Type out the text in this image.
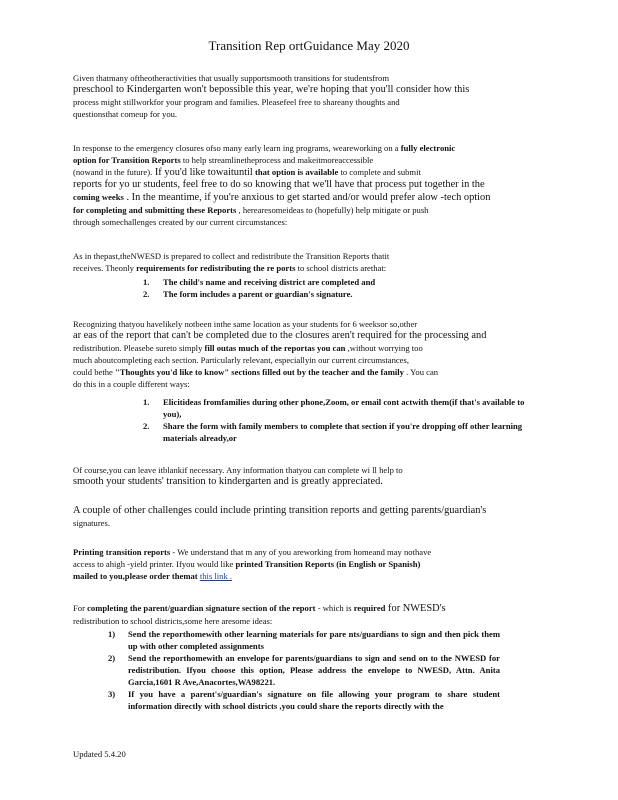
Transition Rep ortGuidance May 2020
Given thatmany oftheotheractivities that usually supportsmooth transitions for studentsfrom
preschool to Kindergarten won't bepossible this year, we're hoping that you'll consider how this
process might stillworkfor your program and families. Pleasefeel free to shareany thoughts and
questionsthat comeup for you.
In response to the emergency closures ofso many early learn ing programs, weareworking on a fully electronic
option for Transition Reports to help streamlinetheprocess and makeitmoreaccessible
(nowand in the future). If you'd like towaituntil that option is available to complete and submit
reports for yo ur students, feel free to do so knowing that we'll have that process put together in the
coming weeks . In the meantime, if you're anxious to get started and/or would prefer alow -tech option
for completing and submitting these Reports , herearesomeideas to (hopefully) help mitigate or push
through somechallenges created by our current circumstances:
As in thepast,theNWESD is prepared to collect and redistribute the Transition Reports thatit
receives. Theonly requirements for redistributing the re ports to school districts arethat:
1. The child's name and receiving district are completed and
2. The form includes a parent or guardian's signature.
Recognizing thatyou havelikely notbeen inthe same location as your students for 6 weeksor so,other
ar eas of the report that can't be completed due to the closures aren't required for the processing and
redistribution. Pleasebe sureto simply fill outas much of the reportas you can ,without worrying too
much aboutcompleting each section. Particularly relevant, especiallyin our current circumstances,
could bethe "Thoughts you'd like to know" sections filled out by the teacher and the family . You can
do this in a couple different ways:
1. Elicitideas fromfamilies during other phone,Zoom, or email cont actwith them(if that's available to you),
2. Share the form with family members to complete that section if you're dropping off other learning materials already,or
Of course,you can leave itblankif necessary. Any information thatyou can complete wi ll help to
smooth your students' transition to kindergarten and is greatly appreciated.
A couple of other challenges could include printing transition reports and getting parents/guardian's
signatures.
Printing transition reports - We understand that m any of you areworking from homeand may nothave
access to ahigh -yield printer. Ifyou would like printed Transition Reports (in English or Spanish)
mailed to you,please order themat this link .
For completing the parent/guardian signature section of the report - which is required for NWESD's
redistribution to school districts,some here aresome ideas:
1) Send the reporthomewith other learning materials for pare nts/guardians to sign and then pick them up with other completed assignments
2) Send the reporthomewith an envelope for parents/guardians to sign and send on to the NWESD for redistribution. Ifyou choose this option, Please address the envelope to NWESD, Attn. Anita Garcia,1601 R Ave,Anacortes,WA98221.
3) If you have a parent's/guardian's signature on file allowing your program to share student information directly with school districts ,you could share the reports directly with the
Updated 5.4.20
